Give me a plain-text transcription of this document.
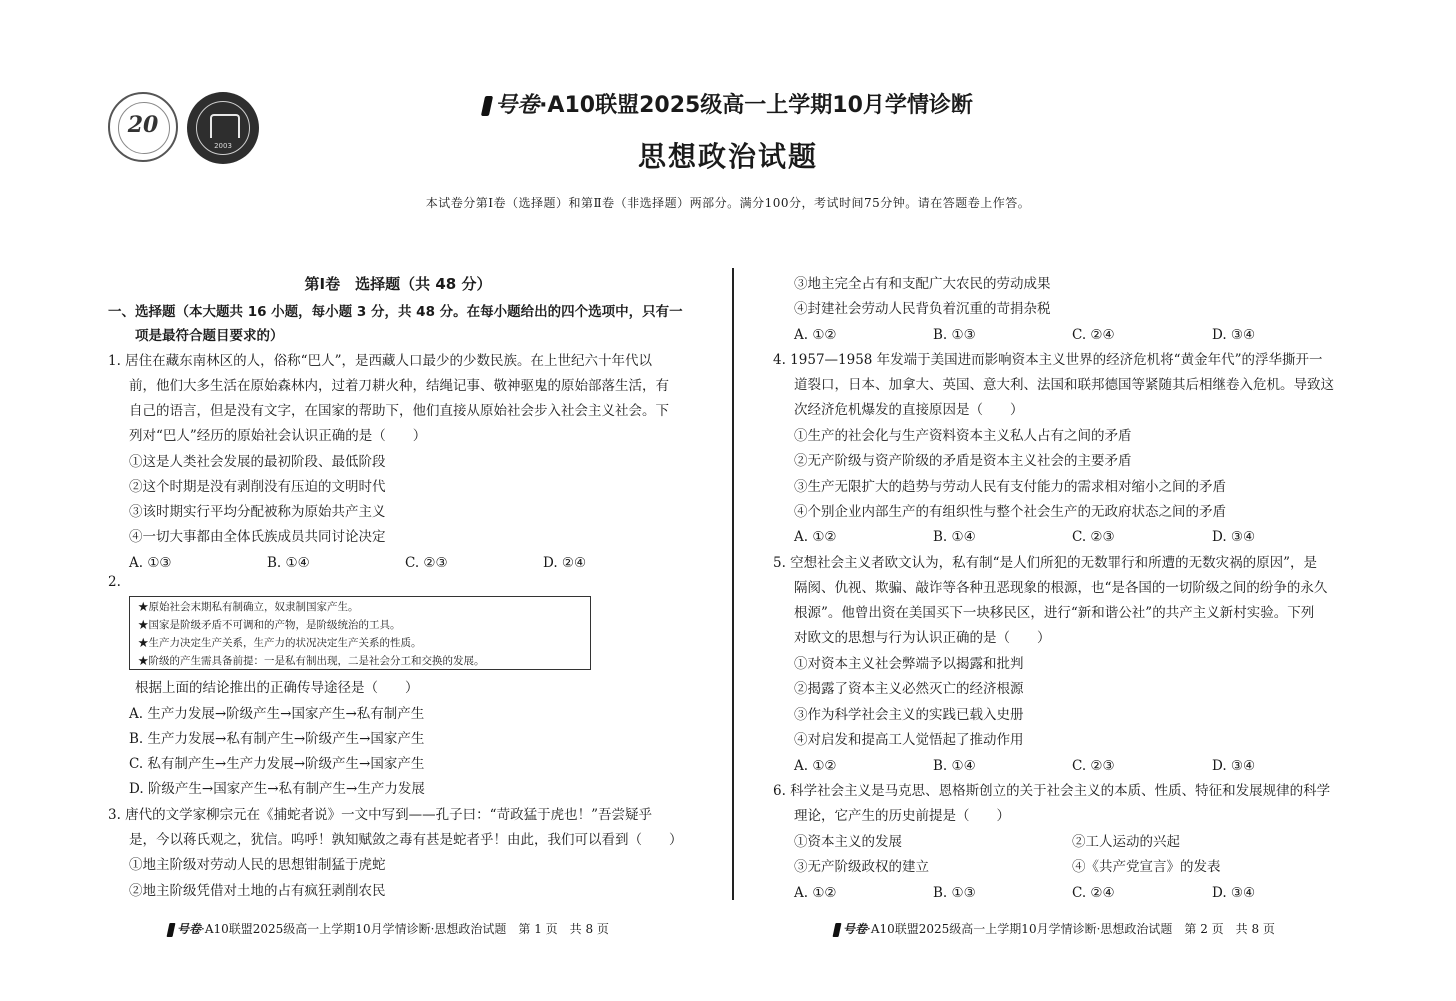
20
2003
号卷·A10联盟2025级高一上学期10月学情诊断
思想政治试题
本试卷分第Ⅰ卷（选择题）和第Ⅱ卷（非选择题）两部分。满分100分，考试时间75分钟。请在答题卷上作答。
第Ⅰ卷　选择题（共 48 分）
一、选择题（本大题共 16 小题，每小题 3 分，共 48 分。在每小题给出的四个选项中，只有一
项是最符合题目要求的）
1. 居住在藏东南林区的人，俗称“巴人”，是西藏人口最少的少数民族。在上世纪六十年代以
前，他们大多生活在原始森林内，过着刀耕火种，结绳记事、敬神驱鬼的原始部落生活，有
自己的语言，但是没有文字，在国家的帮助下，他们直接从原始社会步入社会主义社会。下
列对“巴人”经历的原始社会认识正确的是（　　）
①这是人类社会发展的最初阶段、最低阶段
②这个时期是没有剥削没有压迫的文明时代
③该时期实行平均分配被称为原始共产主义
④一切大事都由全体氏族成员共同讨论决定
A. ①③	B. ①④	C. ②③	D. ②④
2.
★原始社会末期私有制确立，奴隶制国家产生。
★国家是阶级矛盾不可调和的产物，是阶级统治的工具。
★生产力决定生产关系，生产力的状况决定生产关系的性质。
★阶级的产生需具备前提：一是私有制出现，二是社会分工和交换的发展。
根据上面的结论推出的正确传导途径是（　　）
A. 生产力发展→阶级产生→国家产生→私有制产生
B. 生产力发展→私有制产生→阶级产生→国家产生
C. 私有制产生→生产力发展→阶级产生→国家产生
D. 阶级产生→国家产生→私有制产生→生产力发展
3. 唐代的文学家柳宗元在《捕蛇者说》一文中写到——孔子曰：“苛政猛于虎也！”吾尝疑乎
是，今以蒋氏观之，犹信。呜呼！孰知赋敛之毒有甚是蛇者乎！由此，我们可以看到（　　）
①地主阶级对劳动人民的思想钳制猛于虎蛇
②地主阶级凭借对土地的占有疯狂剥削农民
③地主完全占有和支配广大农民的劳动成果
④封建社会劳动人民背负着沉重的苛捐杂税
A. ①②	B. ①③	C. ②④	D. ③④
4. 1957—1958 年发端于美国进而影响资本主义世界的经济危机将“黄金年代”的浮华撕开一
道裂口，日本、加拿大、英国、意大利、法国和联邦德国等紧随其后相继卷入危机。导致这
次经济危机爆发的直接原因是（　　）
①生产的社会化与生产资料资本主义私人占有之间的矛盾
②无产阶级与资产阶级的矛盾是资本主义社会的主要矛盾
③生产无限扩大的趋势与劳动人民有支付能力的需求相对缩小之间的矛盾
④个别企业内部生产的有组织性与整个社会生产的无政府状态之间的矛盾
A. ①②	B. ①④	C. ②③	D. ③④
5. 空想社会主义者欧文认为，私有制“是人们所犯的无数罪行和所遭的无数灾祸的原因”，是
隔阂、仇视、欺骗、敲诈等各种丑恶现象的根源，也“是各国的一切阶级之间的纷争的永久
根源”。他曾出资在美国买下一块移民区，进行“新和谐公社”的共产主义新村实验。下列
对欧文的思想与行为认识正确的是（　　）
①对资本主义社会弊端予以揭露和批判
②揭露了资本主义必然灭亡的经济根源
③作为科学社会主义的实践已载入史册
④对启发和提高工人觉悟起了推动作用
A. ①②	B. ①④	C. ②③	D. ③④
6. 科学社会主义是马克思、恩格斯创立的关于社会主义的本质、性质、特征和发展规律的科学
理论，它产生的历史前提是（　　）
①资本主义的发展	②工人运动的兴起
③无产阶级政权的建立	④《共产党宣言》的发表
A. ①②	B. ①③	C. ②④	D. ③④
号卷·A10联盟2025级高一上学期10月学情诊断·思想政治试题　第 1 页　共 8 页	号卷·A10联盟2025级高一上学期10月学情诊断·思想政治试题　第 2 页　共 8 页
